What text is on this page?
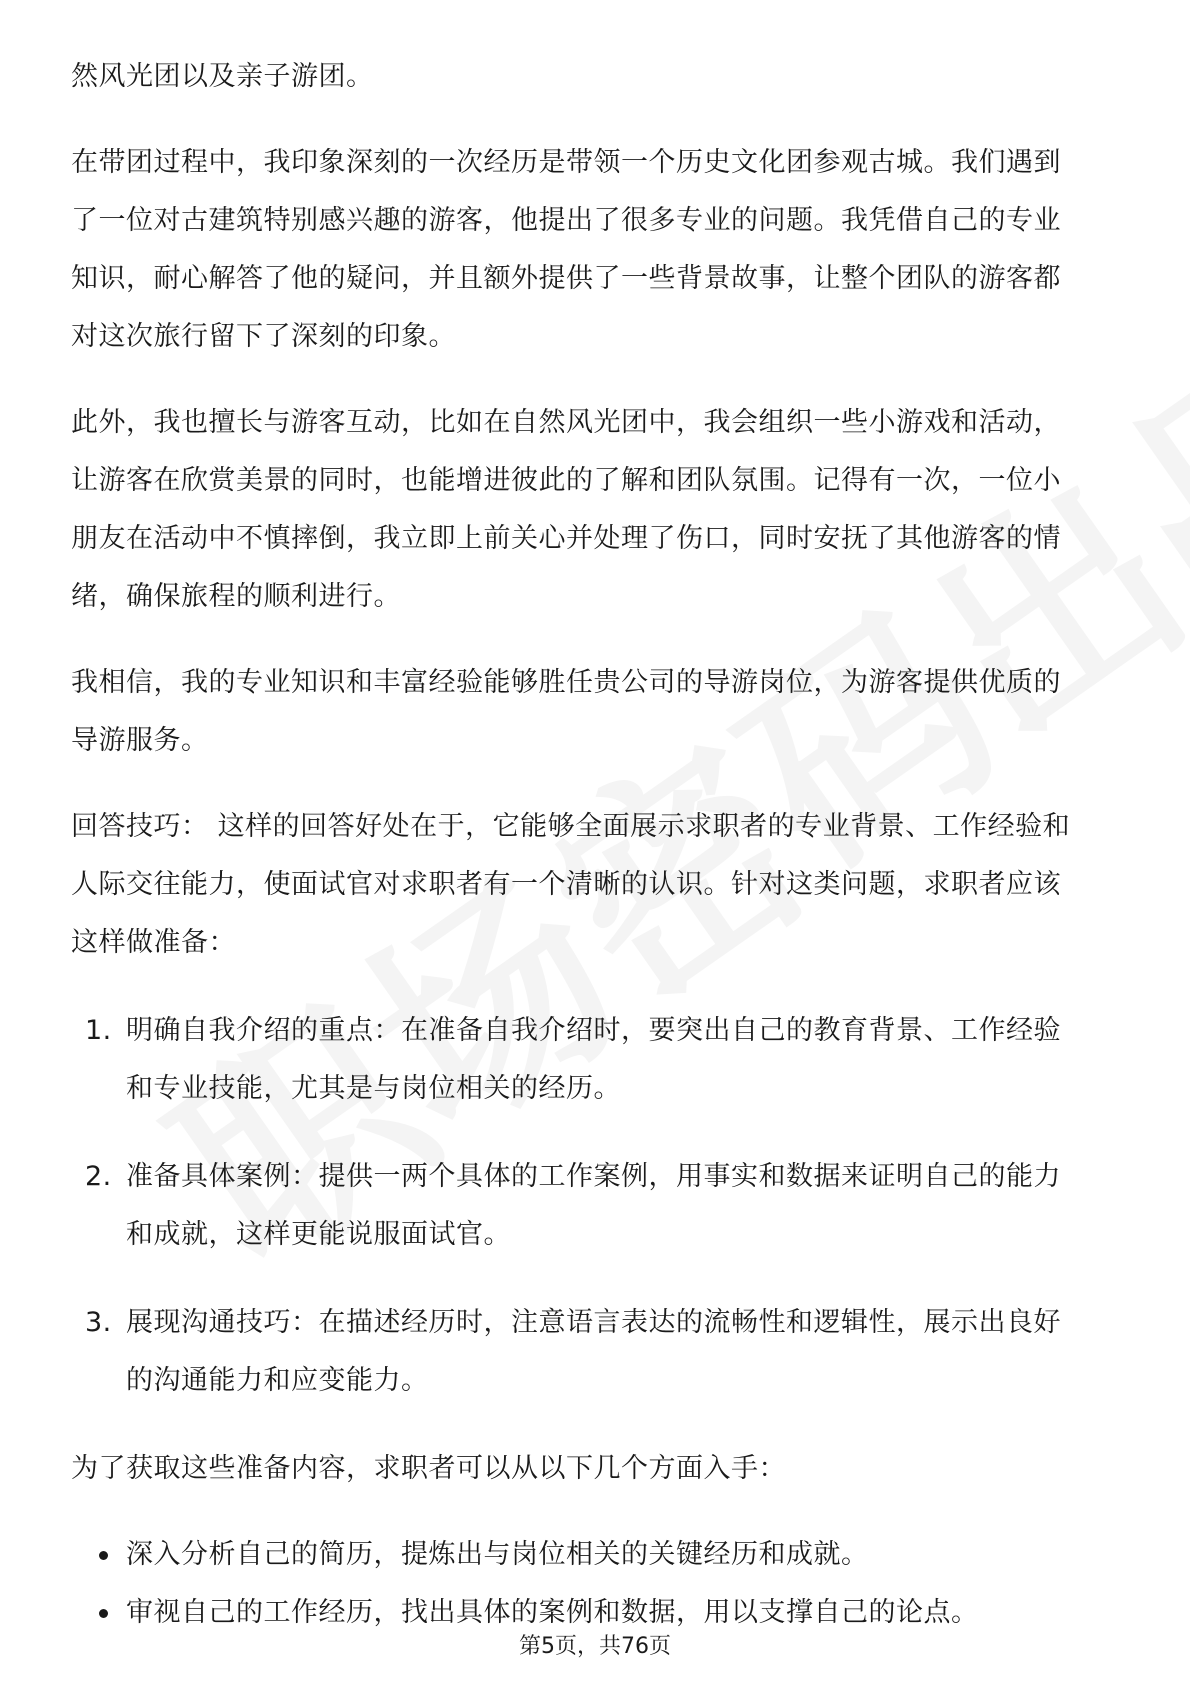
然风光团以及亲子游团。

在带团过程中，我印象深刻的一次经历是带领一个历史文化团参观古城。我们遇到
了一位对古建筑特别感兴趣的游客，他提出了很多专业的问题。我凭借自己的专业
知识，耐心解答了他的疑问，并且额外提供了一些背景故事，让整个团队的游客都
对这次旅行留下了深刻的印象。

此外，我也擅长与游客互动，比如在自然风光团中，我会组织一些小游戏和活动，
让游客在欣赏美景的同时，也能增进彼此的了解和团队氛围。记得有一次，一位小
朋友在活动中不慎摔倒，我立即上前关心并处理了伤口，同时安抚了其他游客的情
绪，确保旅程的顺利进行。

我相信，我的专业知识和丰富经验能够胜任贵公司的导游岗位，为游客提供优质的
导游服务。

回答技巧： 这样的回答好处在于，它能够全面展示求职者的专业背景、工作经验和
人际交往能力，使面试官对求职者有一个清晰的认识。针对这类问题，求职者应该
这样做准备：

1. 明确自我介绍的重点：在准备自我介绍时，要突出自己的教育背景、工作经验
和专业技能，尤其是与岗位相关的经历。
2. 准备具体案例：提供一两个具体的工作案例，用事实和数据来证明自己的能力
和成就，这样更能说服面试官。
3. 展现沟通技巧：在描述经历时，注意语言表达的流畅性和逻辑性，展示出良好
的沟通能力和应变能力。

为了获取这些准备内容，求职者可以从以下几个方面入手：

深入分析自己的简历，提炼出与岗位相关的关键经历和成就。
审视自己的工作经历，找出具体的案例和数据，用以支撑自己的论点。
第5页，共76页
